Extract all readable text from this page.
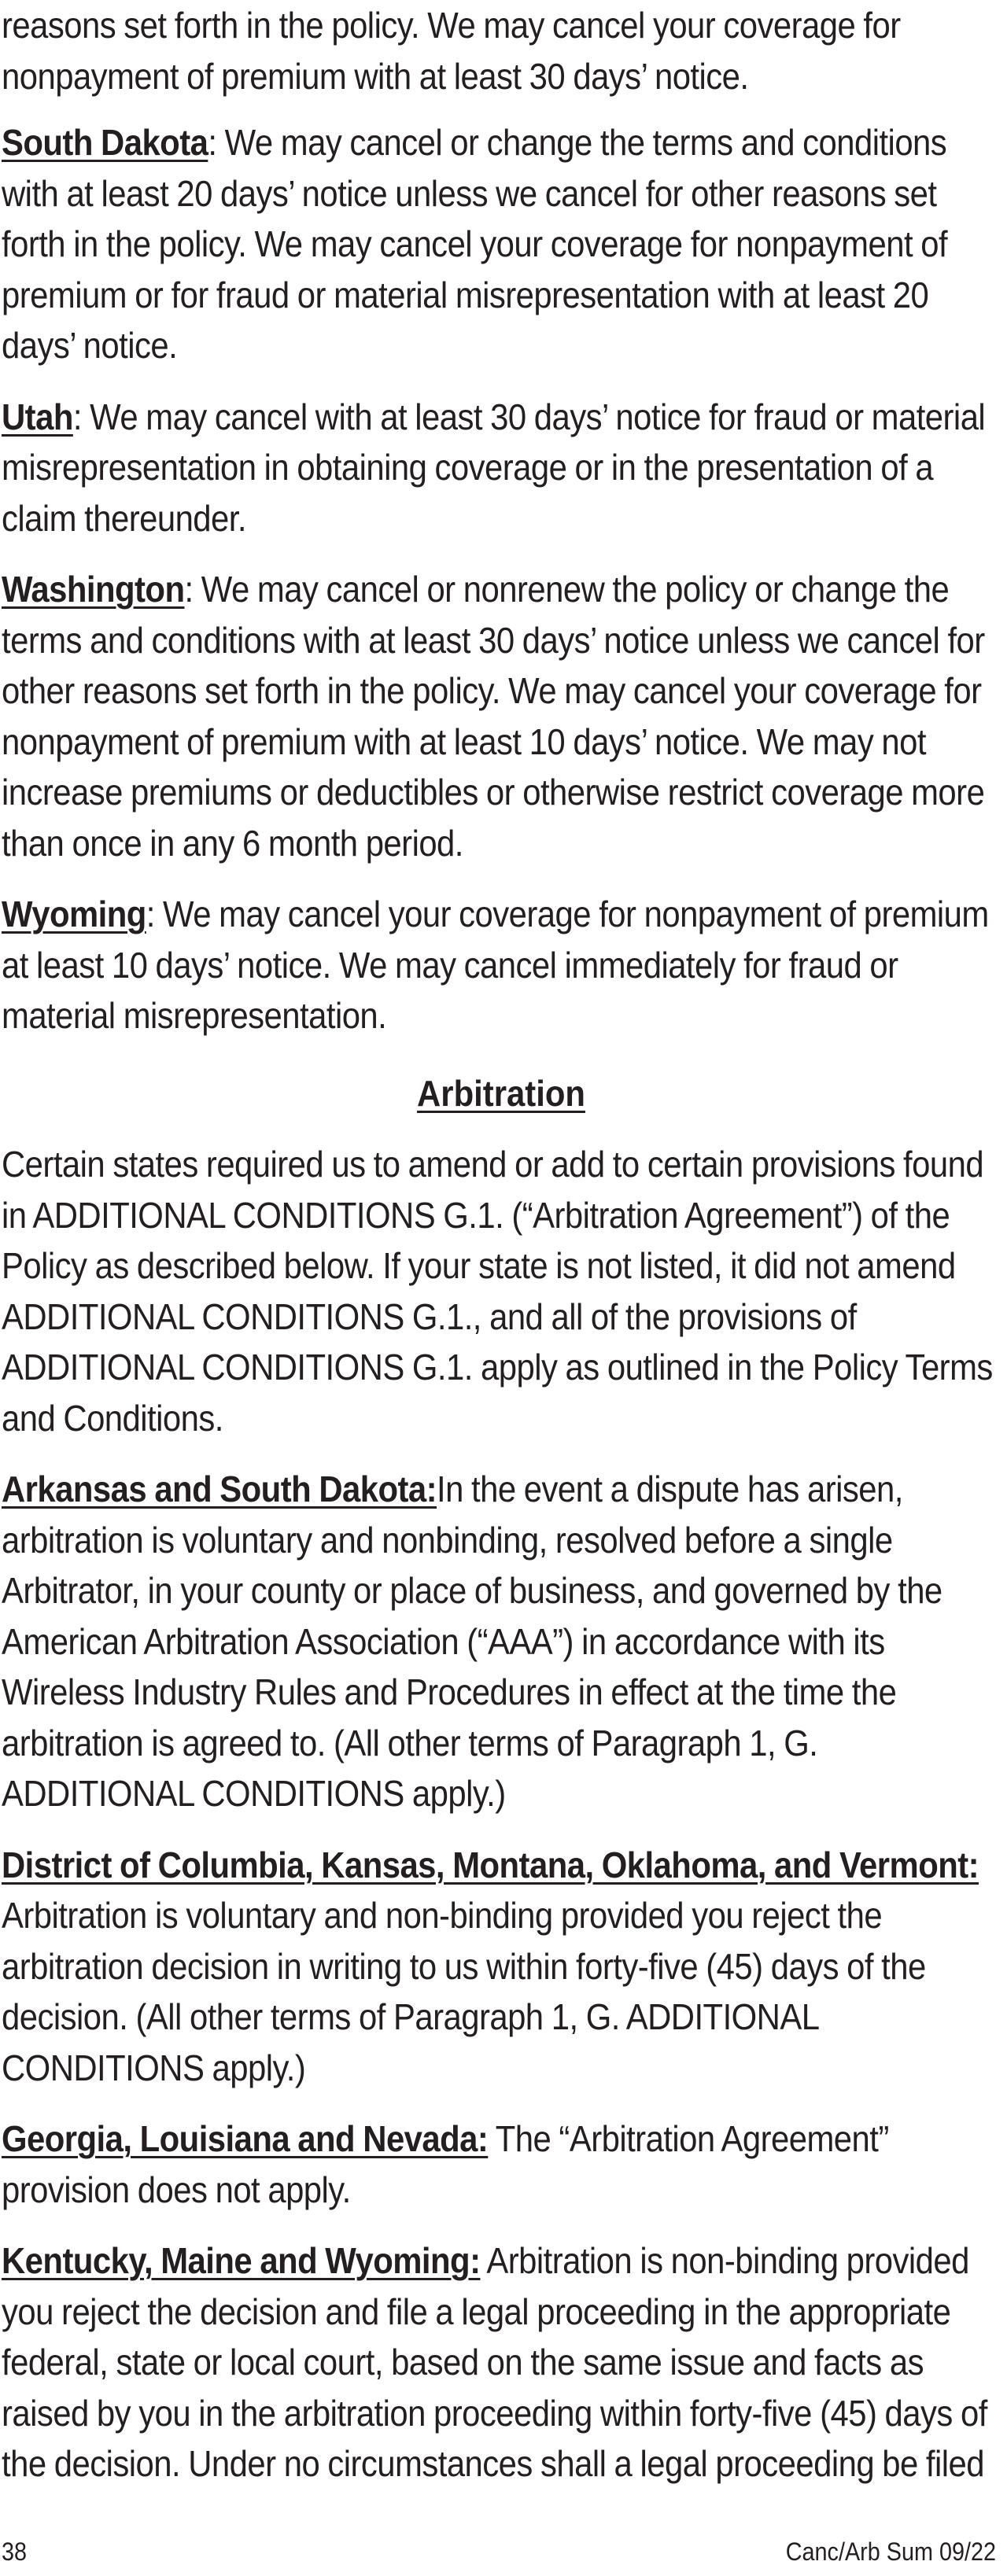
reasons set forth in the policy. We may cancel your coverage for nonpayment of premium with at least 30 days’ notice.

South Dakota: We may cancel or change the terms and conditions with at least 20 days’ notice unless we cancel for other reasons set forth in the policy. We may cancel your coverage for nonpayment of premium or for fraud or material misrepresentation with at least 20 days’ notice.

Utah: We may cancel with at least 30 days’ notice for fraud or material misrepresentation in obtaining coverage or in the presentation of a claim thereunder.

Washington: We may cancel or nonrenew the policy or change the terms and conditions with at least 30 days’ notice unless we cancel for other reasons set forth in the policy. We may cancel your coverage for nonpayment of premium with at least 10 days’ notice. We may not increase premiums or deductibles or otherwise restrict coverage more than once in any 6 month period.

Wyoming: We may cancel your coverage for nonpayment of premium at least 10 days’ notice. We may cancel immediately for fraud or material misrepresentation.

Arbitration

Certain states required us to amend or add to certain provisions found in ADDITIONAL CONDITIONS G.1. (“Arbitration Agreement”) of the Policy as described below. If your state is not listed, it did not amend ADDITIONAL CONDITIONS G.1., and all of the provisions of ADDITIONAL CONDITIONS G.1. apply as outlined in the Policy Terms and Conditions.

Arkansas and South Dakota:In the event a dispute has arisen, arbitration is voluntary and nonbinding, resolved before a single Arbitrator, in your county or place of business, and governed by the American Arbitration Association (“AAA”) in accordance with its Wireless Industry Rules and Procedures in effect at the time the arbitration is agreed to. (All other terms of Paragraph 1, G. ADDITIONAL CONDITIONS apply.)

District of Columbia, Kansas, Montana, Oklahoma, and Vermont: Arbitration is voluntary and non-binding provided you reject the arbitration decision in writing to us within forty-five (45) days of the decision. (All other terms of Paragraph 1, G. ADDITIONAL CONDITIONS apply.)

Georgia, Louisiana and Nevada: The “Arbitration Agreement” provision does not apply.

Kentucky, Maine and Wyoming: Arbitration is non-binding provided you reject the decision and file a legal proceeding in the appropriate federal, state or local court, based on the same issue and facts as raised by you in the arbitration proceeding within forty-five (45) days of the decision. Under no circumstances shall a legal proceeding be filed

38	Canc/Arb Sum 09/22
